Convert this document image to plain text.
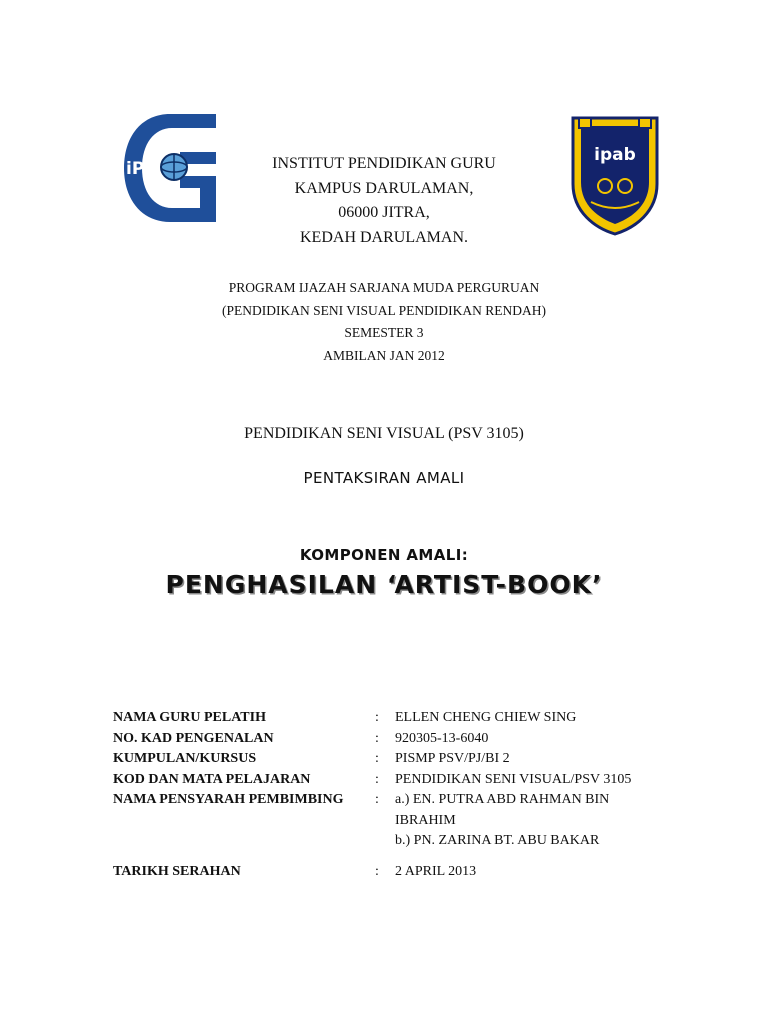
iPG
ipab
INSTITUT PENDIDIKAN GURU
KAMPUS DARULAMAN,
06000 JITRA,
KEDAH DARULAMAN.
PROGRAM IJAZAH SARJANA MUDA PERGURUAN
(PENDIDIKAN SENI VISUAL PENDIDIKAN RENDAH)
SEMESTER 3
AMBILAN JAN 2012
PENDIDIKAN SENI VISUAL (PSV 3105)
PENTAKSIRAN AMALI
KOMPONEN AMALI:
PENGHASILAN ‘ARTIST-BOOK’
NAMA GURU PELATIH	:	ELLEN CHENG CHIEW SING
NO. KAD PENGENALAN	:	920305-13-6040
KUMPULAN/KURSUS	:	PISMP PSV/PJ/BI 2
KOD DAN MATA PELAJARAN	:	PENDIDIKAN SENI VISUAL/PSV 3105
NAMA PENSYARAH PEMBIMBING	:	a.) EN. PUTRA ABD RAHMAN BIN
IBRAHIM
b.) PN. ZARINA BT. ABU BAKAR
TARIKH SERAHAN	:	2 APRIL 2013
